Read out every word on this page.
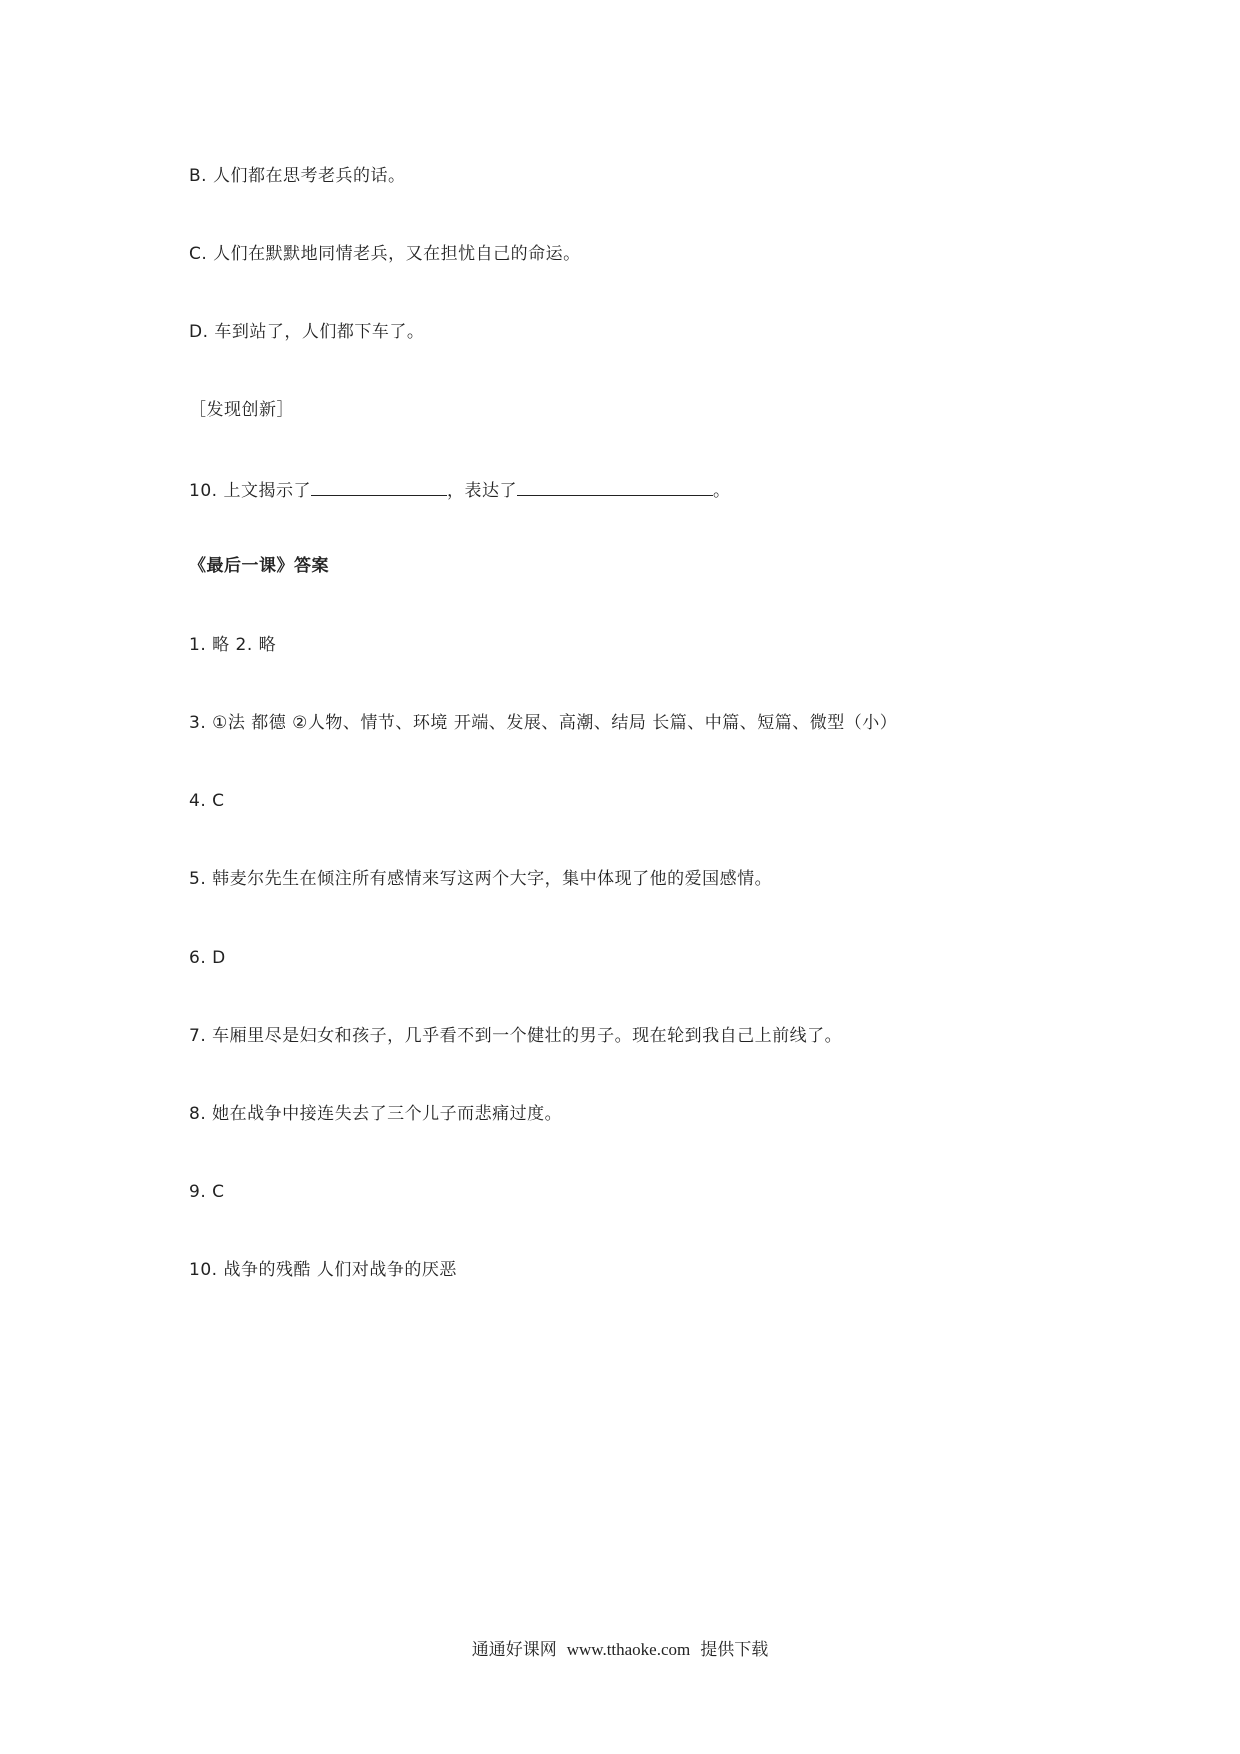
B. 人们都在思考老兵的话。
C. 人们在默默地同情老兵，又在担忧自己的命运。
D. 车到站了，人们都下车了。
［发现创新］
10. 上文揭示了	，表达了	。
《最后一课》答案
1. 略 2. 略
3. ①法 都德 ②人物、情节、环境 开端、发展、高潮、结局 长篇、中篇、短篇、微型（小）
4. C
5. 韩麦尔先生在倾注所有感情来写这两个大字，集中体现了他的爱国感情。
6. D
7. 车厢里尽是妇女和孩子，几乎看不到一个健壮的男子。现在轮到我自己上前线了。
8. 她在战争中接连失去了三个儿子而悲痛过度。
9. C
10. 战争的残酷 人们对战争的厌恶
通通好课网 www.tthaoke.com 提供下载
